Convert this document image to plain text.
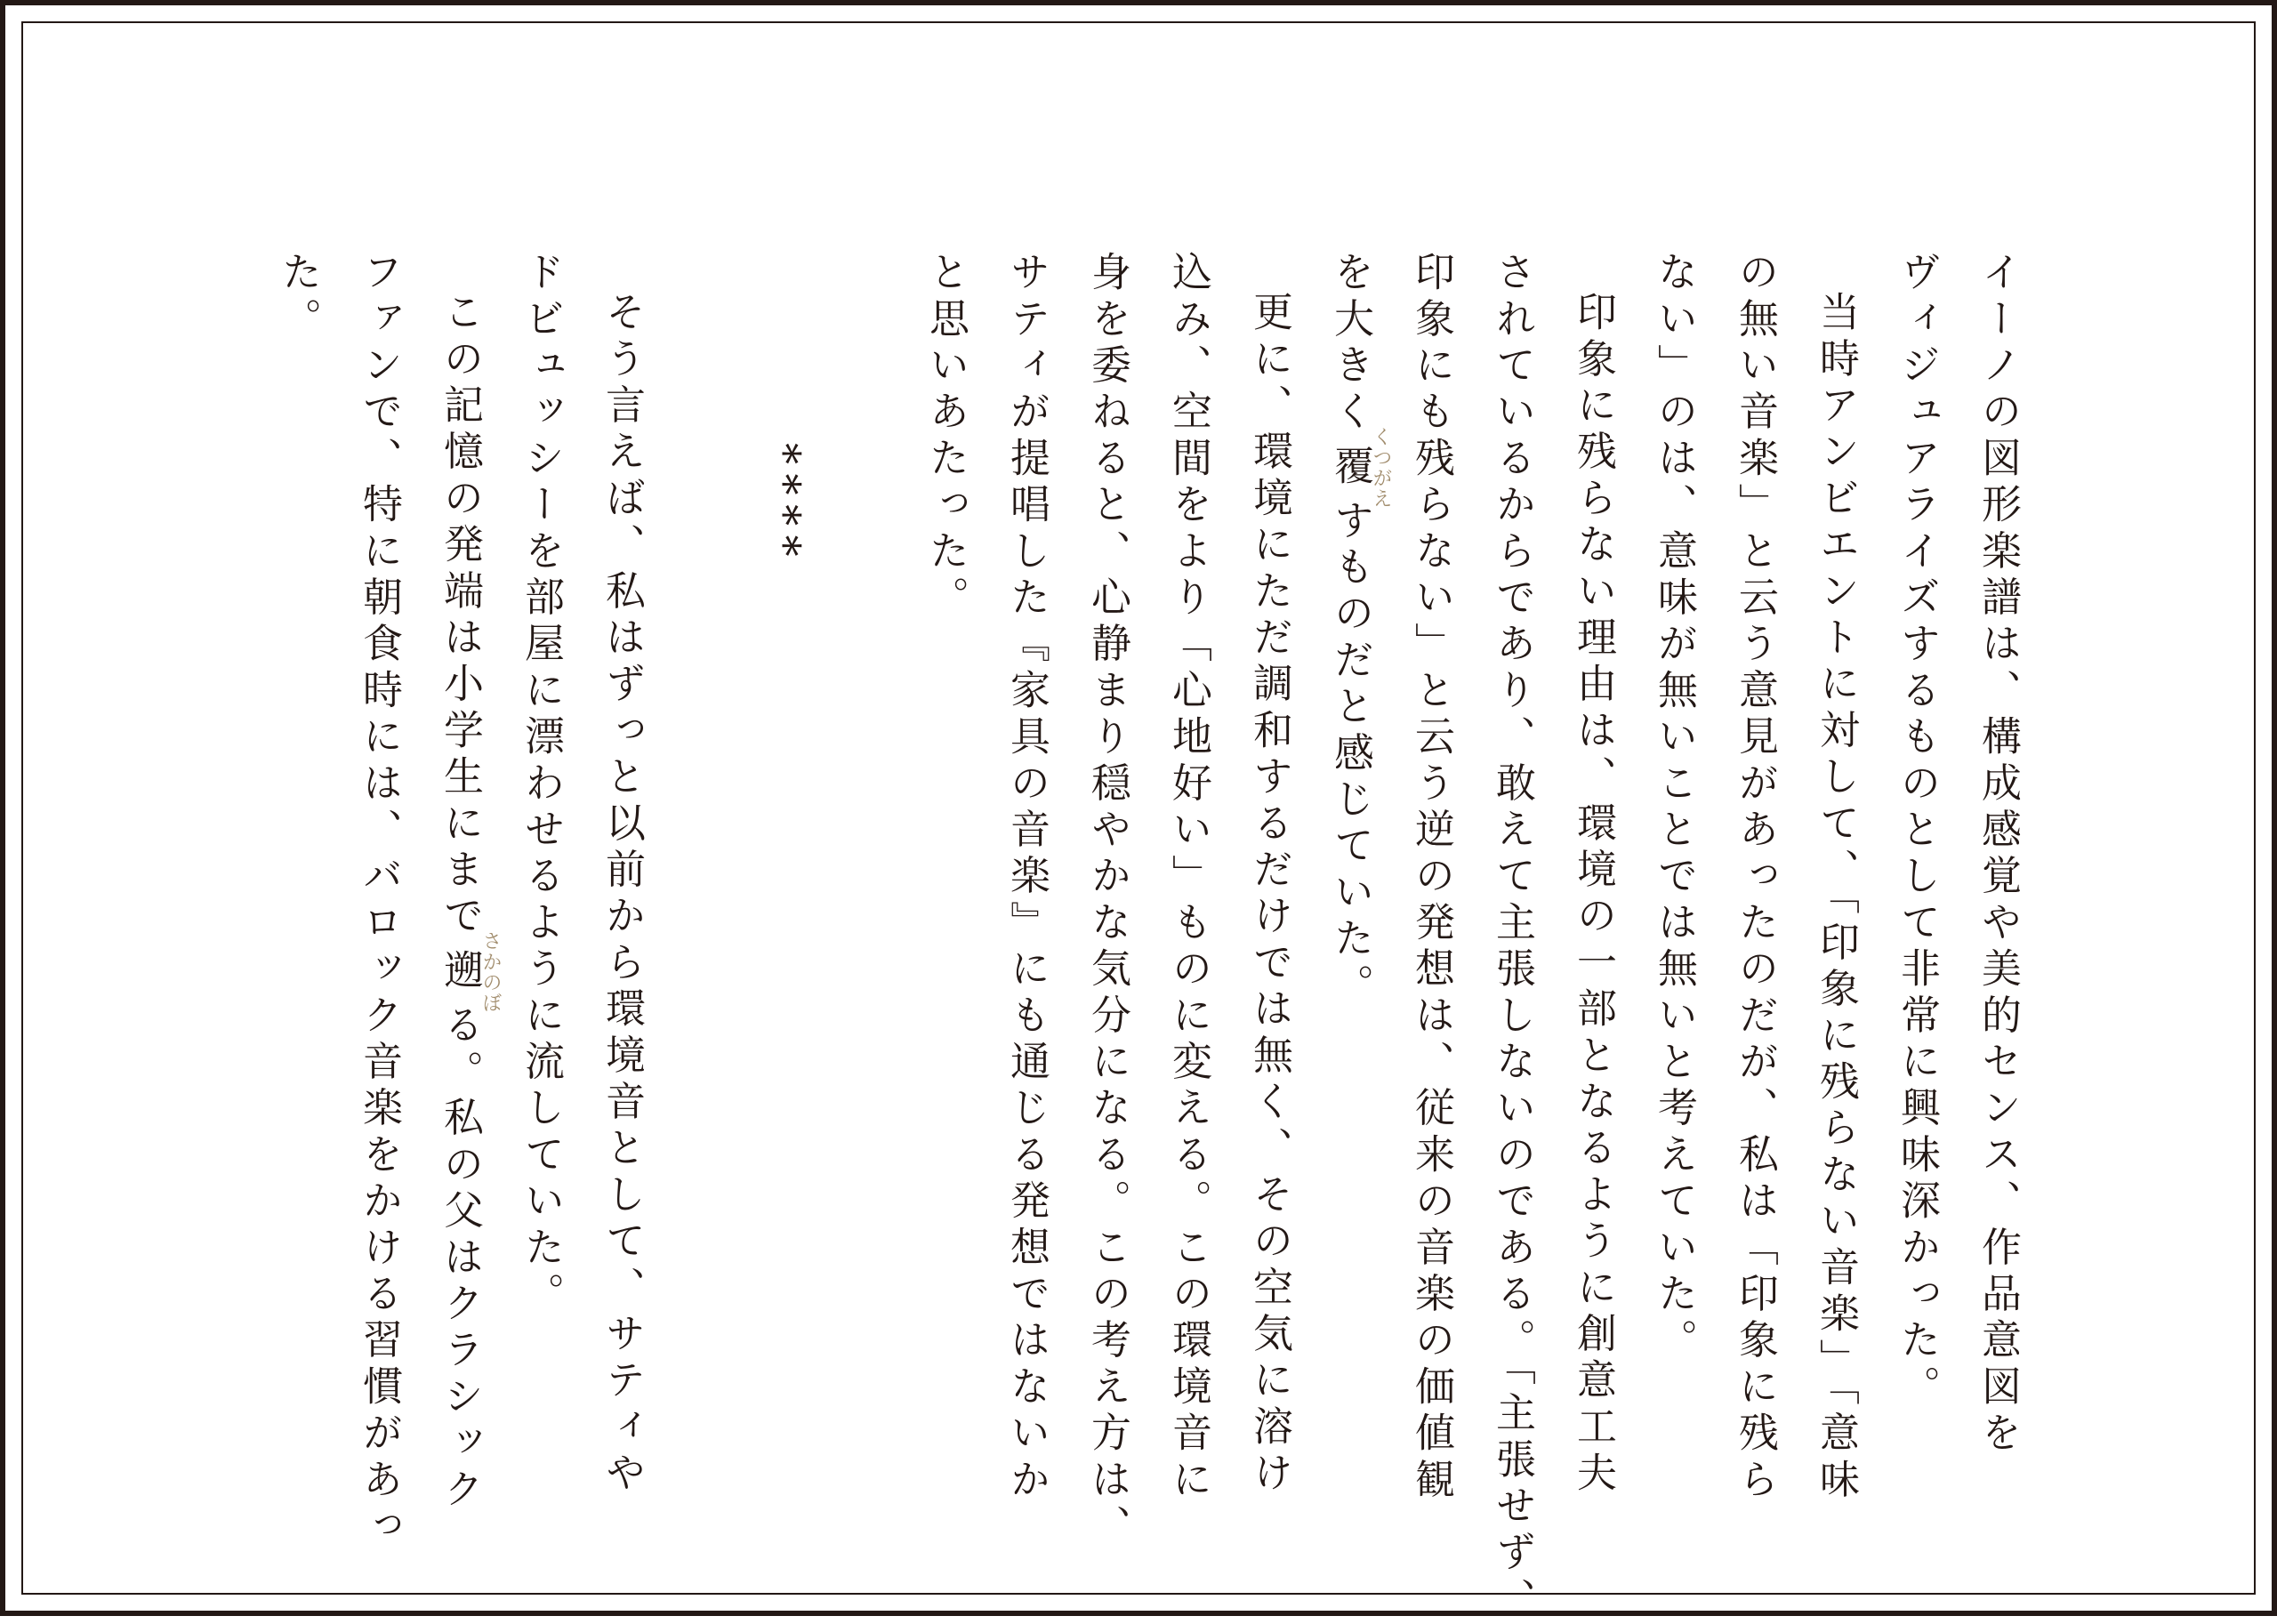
イーノの図形楽譜は、構成感覚や美的センス、作品意図を
ヴィジュアライズするものとして非常に興味深かった。
当時アンビエントに対して、「印象に残らない音楽」「意味
の無い音楽」と云う意見があったのだが、私は「印象に残ら
ない」のは、意味が無いことでは無いと考えていた。
印象に残らない理由は、環境の一部となるように創意工夫
されているからであり、敢えて主張しないのである。「主張せず、
印象にも残らない」と云う逆の発想は、従来の音楽の価値観
を大きく覆くつがえすものだと感じていた。
更に、環境にただ調和するだけでは無く、その空気に溶け
込み、空間をより「心地好い」ものに変える。この環境音に
身を委ねると、心静まり穏やかな気分になる。この考え方は、
サティが提唱した『家具の音楽』にも通じる発想ではないか
と思いあたった。
****
そう言えば、私はずっと以前から環境音として、サティや
ドビュッシーを部屋に漂わせるように流していた。
この記憶の発端は小学生にまで遡さかのぼる。私の父はクラシック
ファンで、特に朝食時には、バロック音楽をかける習慣があっ
た。
